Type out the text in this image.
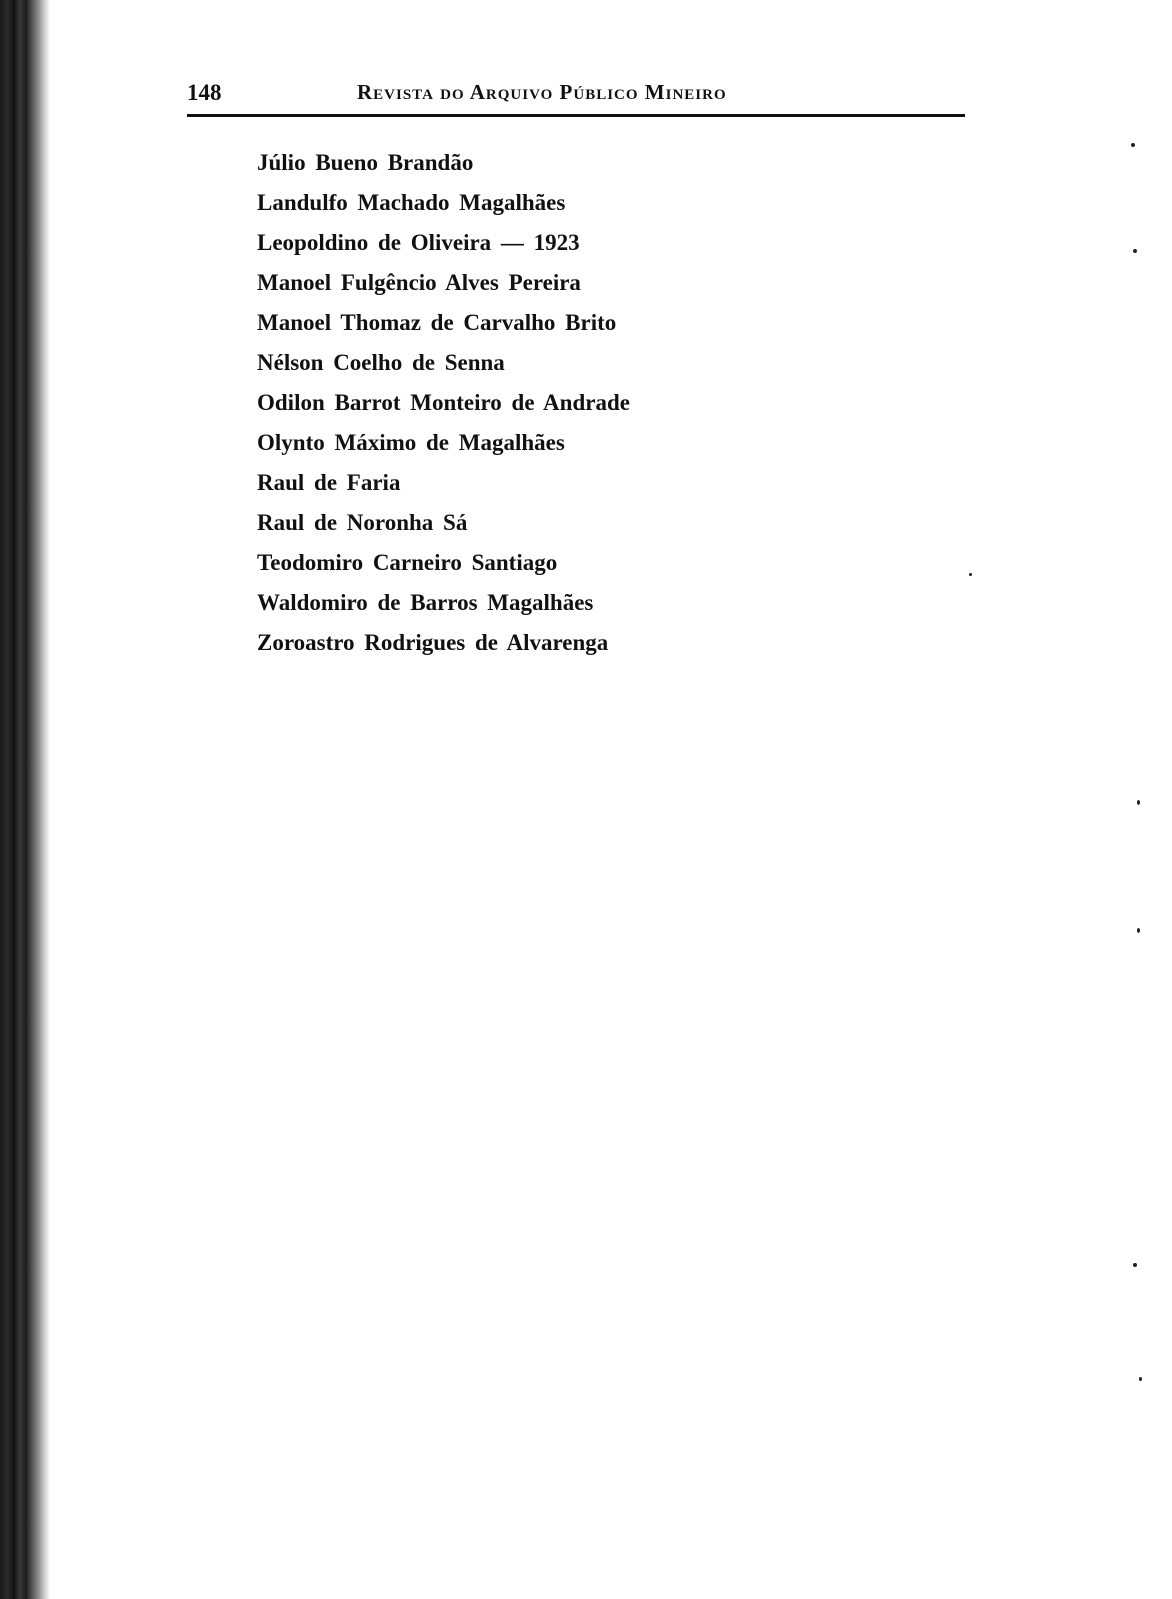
148	Revista do Arquivo Público Mineiro
Júlio Bueno Brandão
Landulfo Machado Magalhães
Leopoldino de Oliveira — 1923
Manoel Fulgêncio Alves Pereira
Manoel Thomaz de Carvalho Brito
Nélson Coelho de Senna
Odilon Barrot Monteiro de Andrade
Olynto Máximo de Magalhães
Raul de Faria
Raul de Noronha Sá
Teodomiro Carneiro Santiago
Waldomiro de Barros Magalhães
Zoroastro Rodrigues de Alvarenga
